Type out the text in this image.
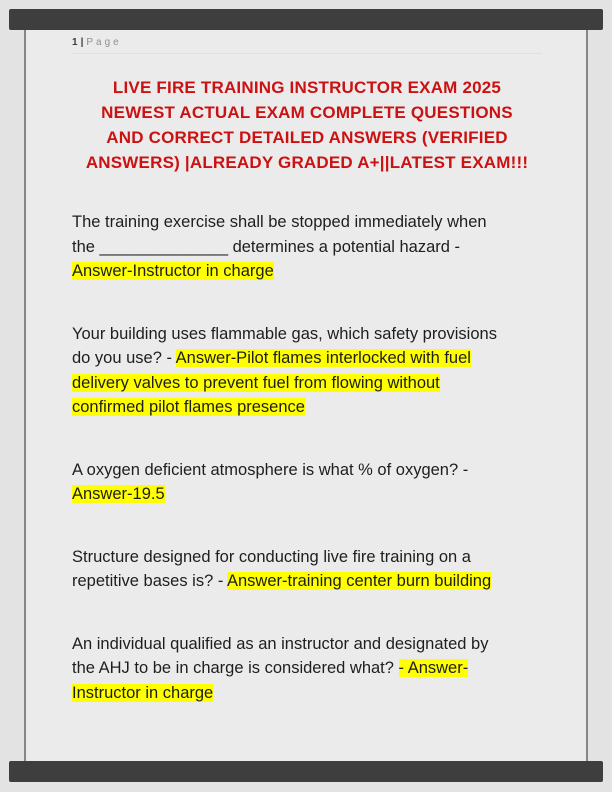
1 | Page
LIVE FIRE TRAINING INSTRUCTOR EXAM 2025
NEWEST ACTUAL EXAM COMPLETE QUESTIONS
AND CORRECT DETAILED ANSWERS (VERIFIED
ANSWERS) |ALREADY GRADED A+||LATEST EXAM!!!

The training exercise shall be stopped immediately when
the ______________ determines a potential hazard -
Answer-Instructor in charge

Your building uses flammable gas, which safety provisions
do you use? - Answer-Pilot flames interlocked with fuel
delivery valves to prevent fuel from flowing without
confirmed pilot flames presence

A oxygen deficient atmosphere is what % of oxygen? -
Answer-19.5

Structure designed for conducting live fire training on a
repetitive bases is? - Answer-training center burn building

An individual qualified as an instructor and designated by
the AHJ to be in charge is considered what? - Answer-
Instructor in charge
